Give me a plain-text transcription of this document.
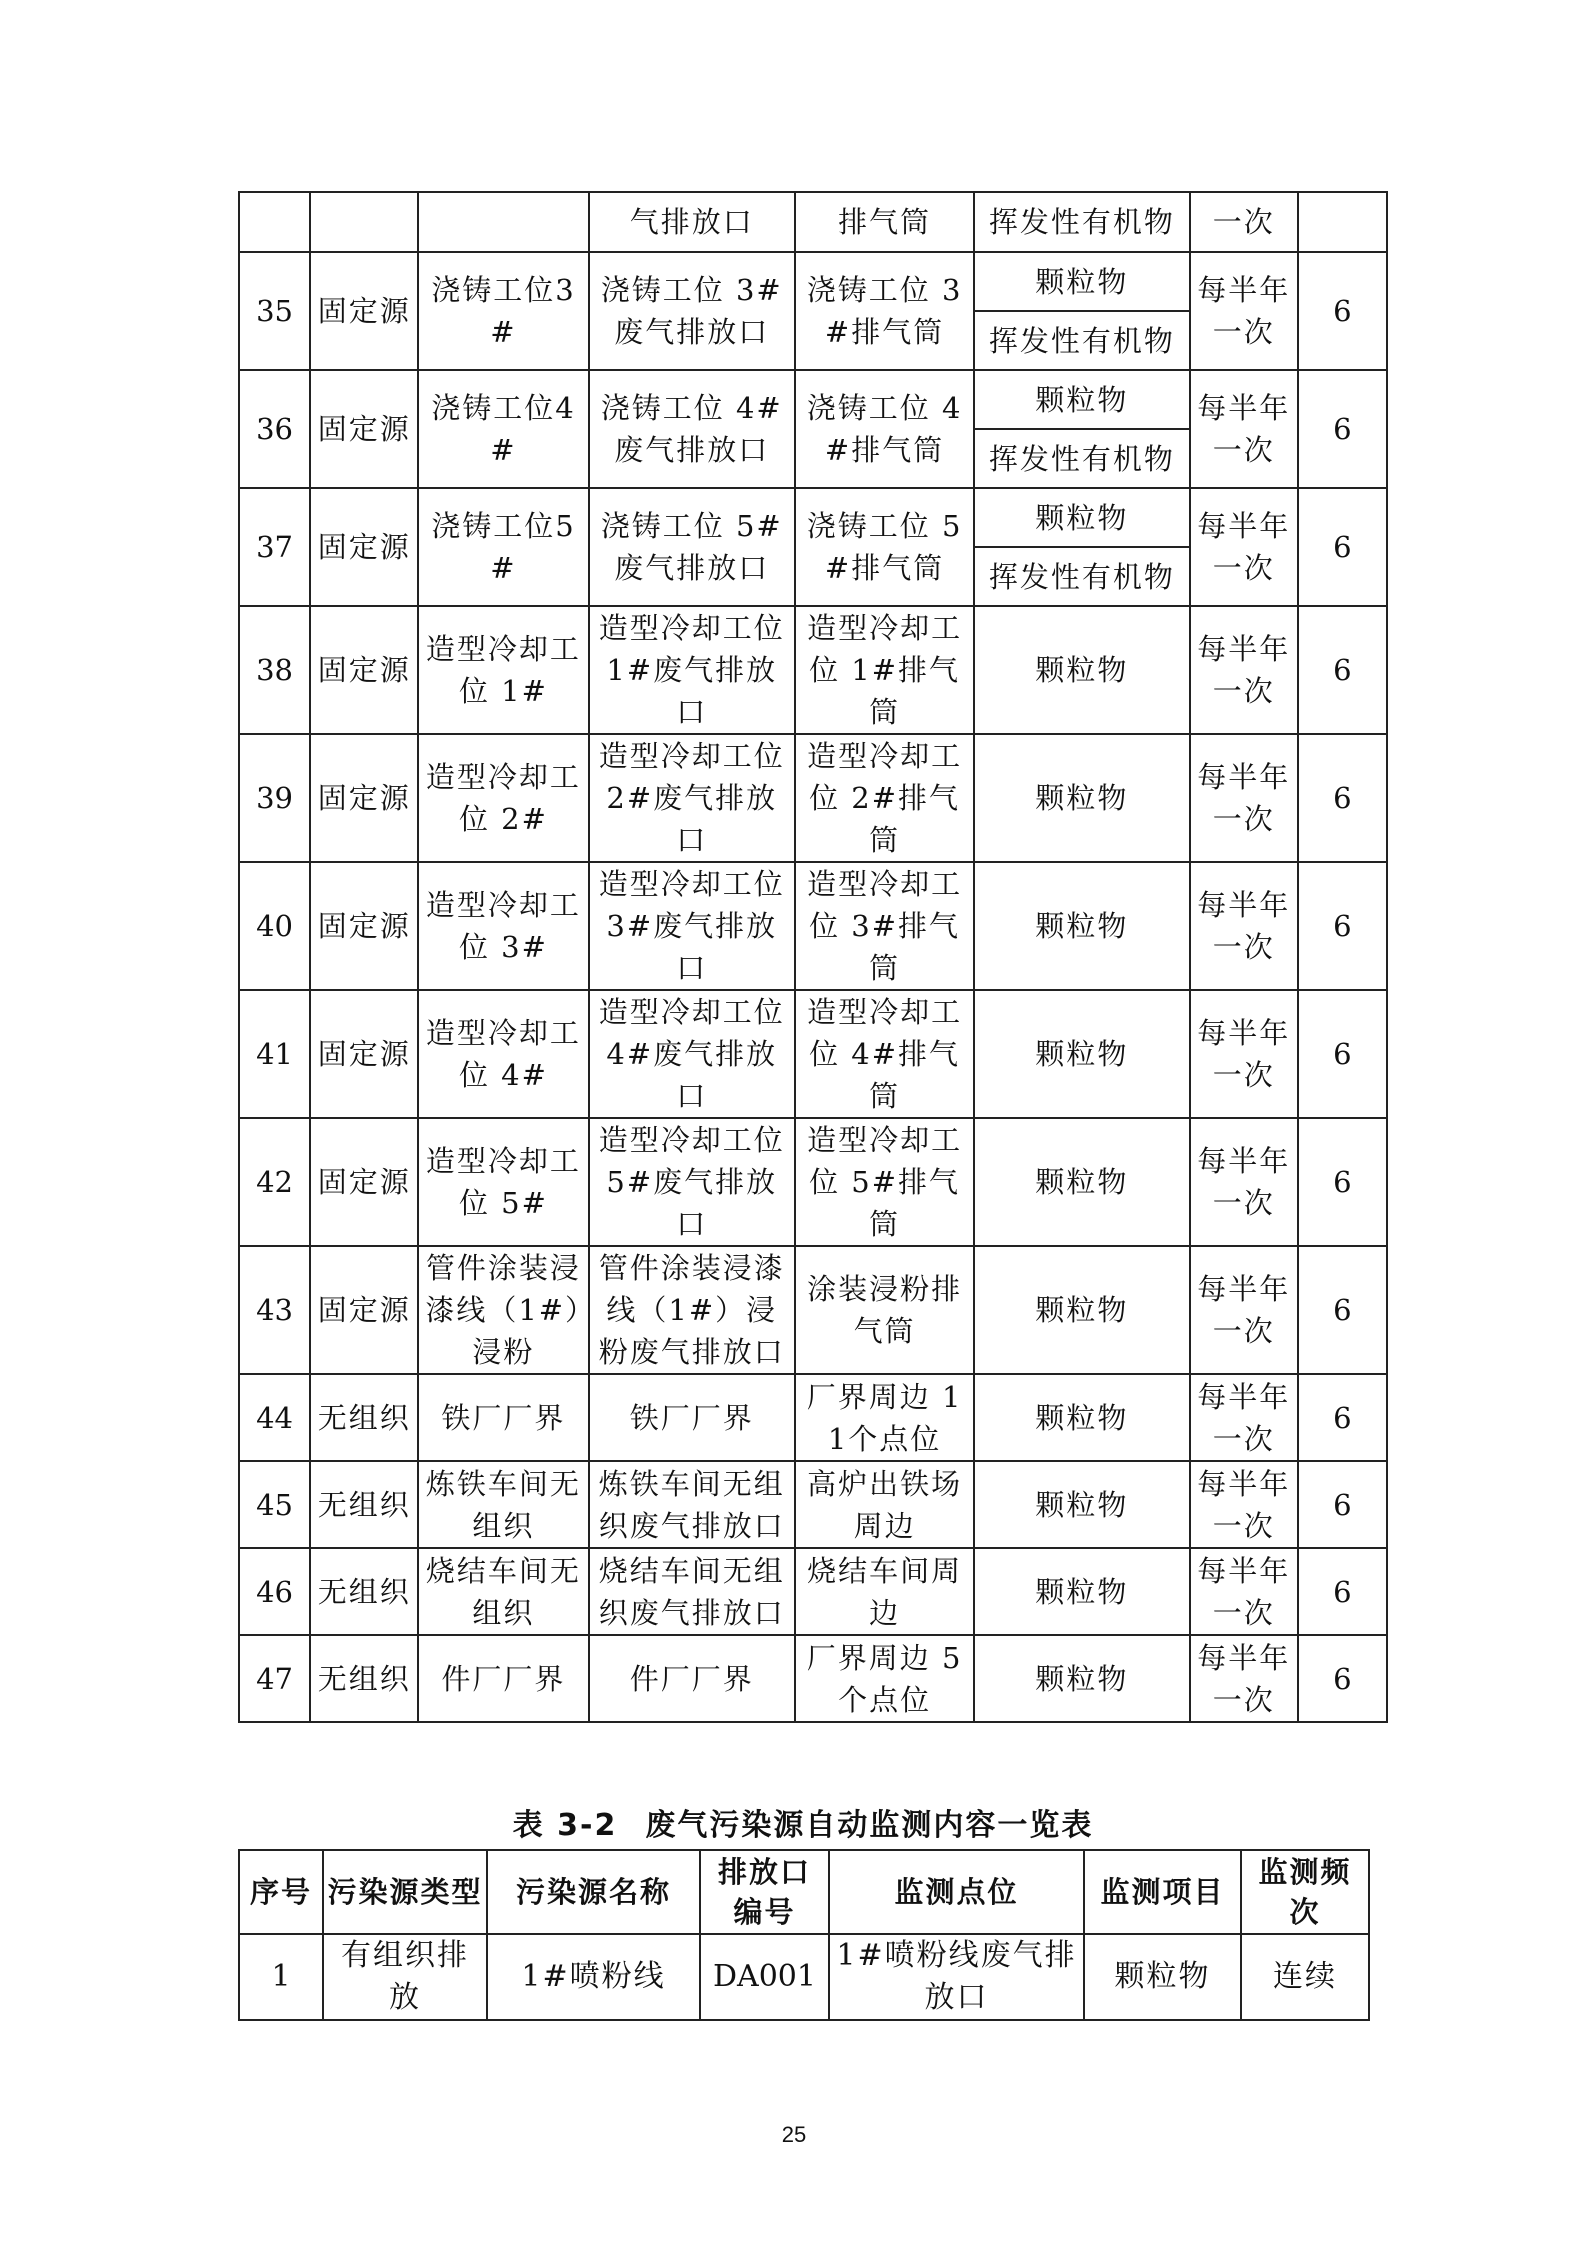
			气排放口	排气筒	挥发性有机物	一次	
35	固定源	浇铸工位3#	浇铸工位 3#废气排放口	浇铸工位 3#排气筒	颗粒物	每半年一次	6
					挥发性有机物		
36	固定源	浇铸工位4#	浇铸工位 4#废气排放口	浇铸工位 4#排气筒	颗粒物	每半年一次	6
					挥发性有机物		
37	固定源	浇铸工位5#	浇铸工位 5#废气排放口	浇铸工位 5#排气筒	颗粒物	每半年一次	6
					挥发性有机物		
38	固定源	造型冷却工位 1#	造型冷却工位1#废气排放口	造型冷却工位 1#排气筒	颗粒物	每半年一次	6
39	固定源	造型冷却工位 2#	造型冷却工位2#废气排放口	造型冷却工位 2#排气筒	颗粒物	每半年一次	6
40	固定源	造型冷却工位 3#	造型冷却工位3#废气排放口	造型冷却工位 3#排气筒	颗粒物	每半年一次	6
41	固定源	造型冷却工位 4#	造型冷却工位4#废气排放口	造型冷却工位 4#排气筒	颗粒物	每半年一次	6
42	固定源	造型冷却工位 5#	造型冷却工位5#废气排放口	造型冷却工位 5#排气筒	颗粒物	每半年一次	6
43	固定源	管件涂装浸漆线（1#）浸粉	管件涂装浸漆线（1#）浸粉废气排放口	涂装浸粉排气筒	颗粒物	每半年一次	6
44	无组织	铁厂厂界	铁厂厂界	厂界周边 11个点位	颗粒物	每半年一次	6
45	无组织	炼铁车间无组织	炼铁车间无组织废气排放口	高炉出铁场周边	颗粒物	每半年一次	6
46	无组织	烧结车间无组织	烧结车间无组织废气排放口	烧结车间周边	颗粒物	每半年一次	6
47	无组织	件厂厂界	件厂厂界	厂界周边 5个点位	颗粒物	每半年一次	6
表 3-2 废气污染源自动监测内容一览表
序号	污染源类型	污染源名称	排放口编号	监测点位	监测项目	监测频次
1	有组织排放	1#喷粉线	DA001	1#喷粉线废气排放口	颗粒物	连续
25
